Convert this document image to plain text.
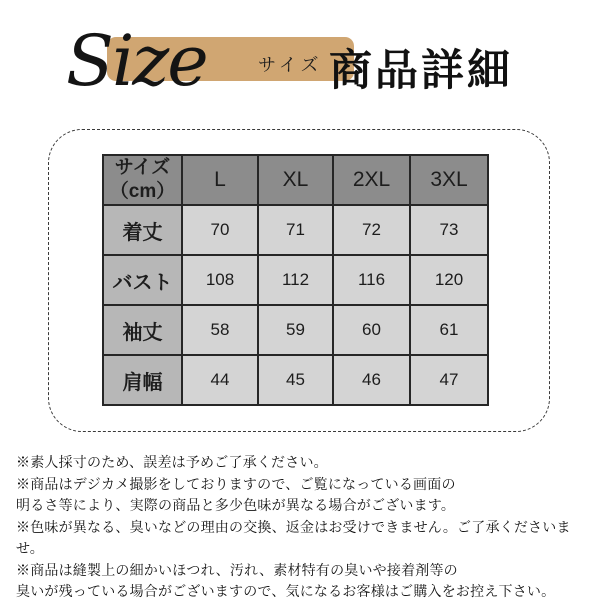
Size	サイズ 商品詳細
サイズ
（cm）	L	XL	2XL	3XL
着丈	70	71	72	73
バスト	108	112	116	120
袖丈	58	59	60	61
肩幅	44	45	46	47
※素人採寸のため、誤差は予めご了承ください。
※商品はデジカメ撮影をしておりますので、ご覧になっている画面の
明るさ等により、実際の商品と多少色味が異なる場合がございます。
※色味が異なる、臭いなどの理由の交換、返金はお受けできません。ご了承くださいませ。
※商品は縫製上の細かいほつれ、汚れ、素材特有の臭いや接着剤等の
臭いが残っている場合がございますので、気になるお客様はご購入をお控え下さい。
